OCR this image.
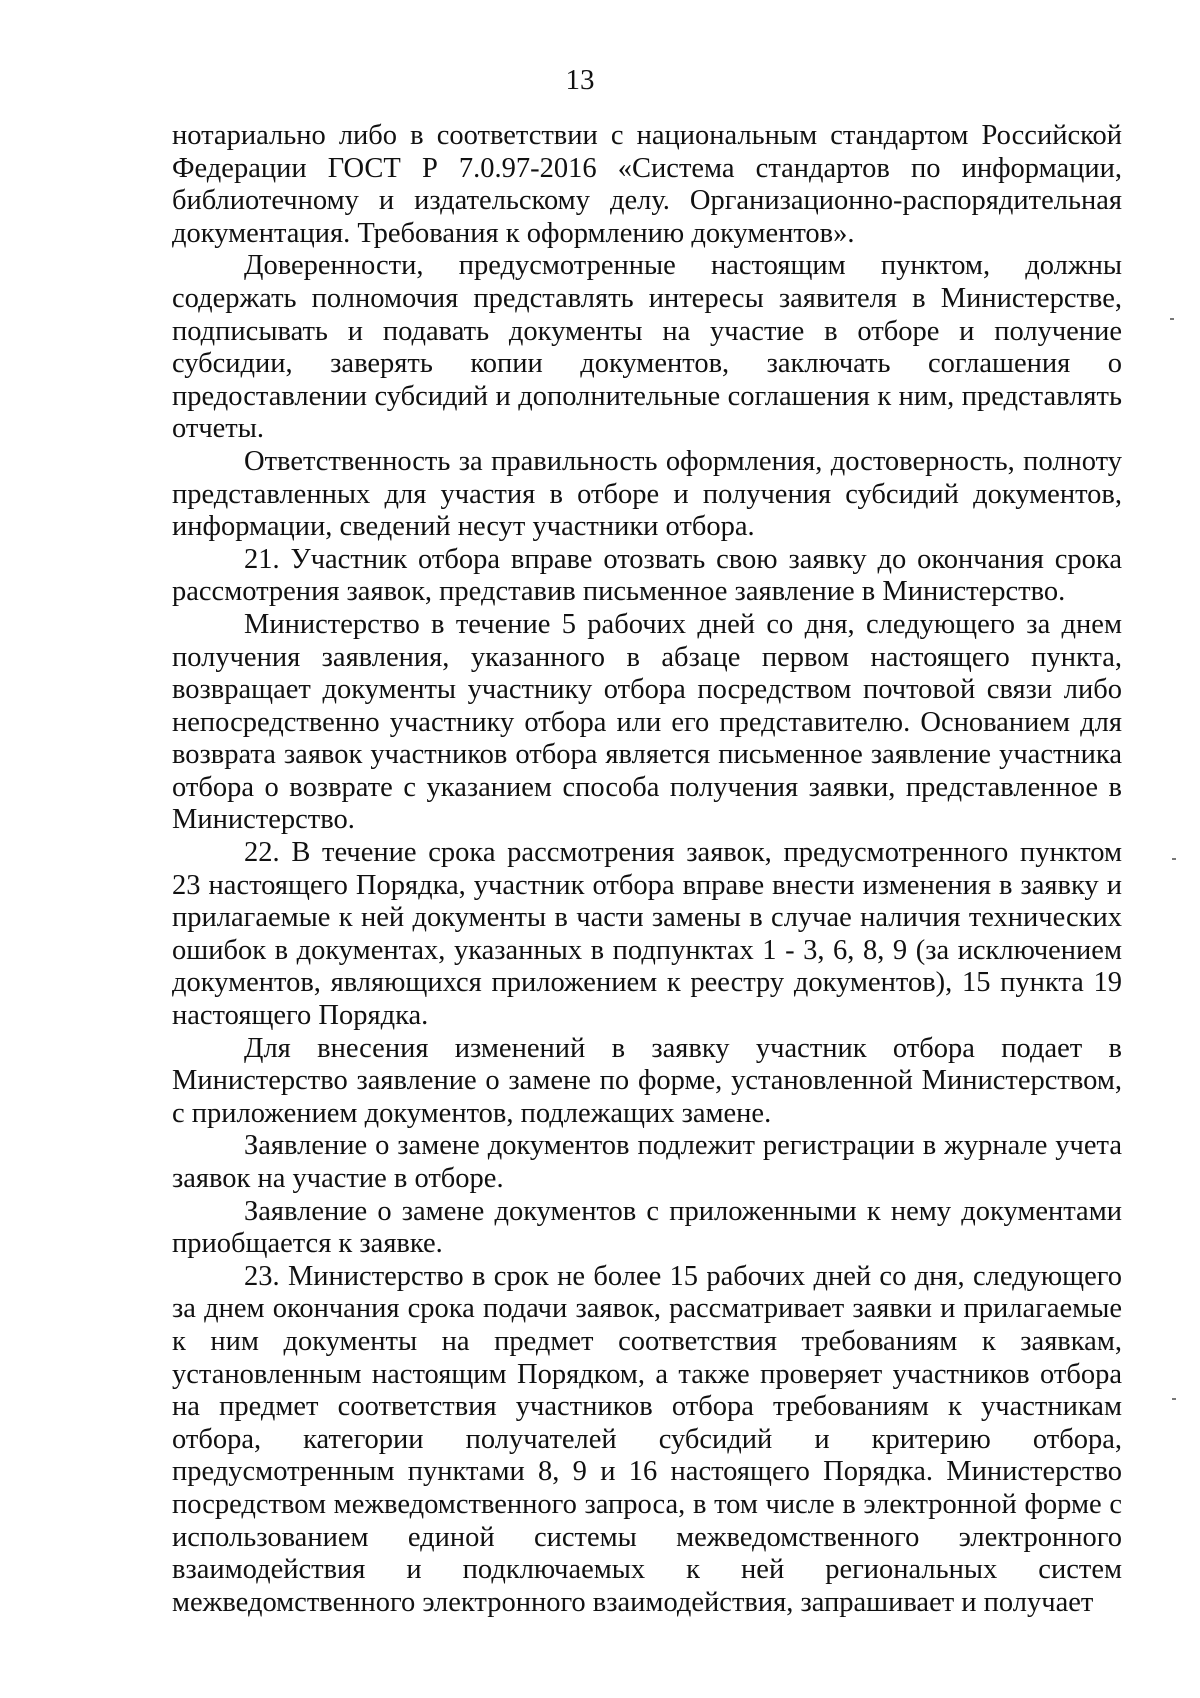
13

нотариально либо в соответствии с национальным стандартом Российской Федерации ГОСТ Р 7.0.97-2016 «Система стандартов по информации, библиотечному и издательскому делу. Организационно-распорядительная документация. Требования к оформлению документов».

Доверенности, предусмотренные настоящим пунктом, должны содержать полномочия представлять интересы заявителя в Министерстве, подписывать и подавать документы на участие в отборе и получение субсидии, заверять копии документов, заключать соглашения о предоставлении субсидий и дополнительные соглашения к ним, представлять отчеты.

Ответственность за правильность оформления, достоверность, полноту представленных для участия в отборе и получения субсидий документов, информации, сведений несут участники отбора.

21. Участник отбора вправе отозвать свою заявку до окончания срока рассмотрения заявок, представив письменное заявление в Министерство.

Министерство в течение 5 рабочих дней со дня, следующего за днем получения заявления, указанного в абзаце первом настоящего пункта, возвращает документы участнику отбора посредством почтовой связи либо непосредственно участнику отбора или его представителю. Основанием для возврата заявок участников отбора является письменное заявление участника отбора о возврате с указанием способа получения заявки, представленное в Министерство.

22. В течение срока рассмотрения заявок, предусмотренного пунктом 23 настоящего Порядка, участник отбора вправе внести изменения в заявку и прилагаемые к ней документы в части замены в случае наличия технических ошибок в документах, указанных в подпунктах 1 - 3, 6, 8, 9 (за исключением документов, являющихся приложением к реестру документов), 15 пункта 19 настоящего Порядка.

Для внесения изменений в заявку участник отбора подает в Министерство заявление о замене по форме, установленной Министерством, с приложением документов, подлежащих замене.

Заявление о замене документов подлежит регистрации в журнале учета заявок на участие в отборе.

Заявление о замене документов с приложенными к нему документами приобщается к заявке.

23. Министерство в срок не более 15 рабочих дней со дня, следующего за днем окончания срока подачи заявок, рассматривает заявки и прилагаемые к ним документы на предмет соответствия требованиям к заявкам, установленным настоящим Порядком, а также проверяет участников отбора на предмет соответствия участников отбора требованиям к участникам отбора, категории получателей субсидий и критерию отбора, предусмотренным пунктами 8, 9 и 16 настоящего Порядка. Министерство посредством межведомственного запроса, в том числе в электронной форме с использованием единой системы межведомственного электронного взаимодействия и подключаемых к ней региональных систем межведомственного электронного взаимодействия, запрашивает и получает
